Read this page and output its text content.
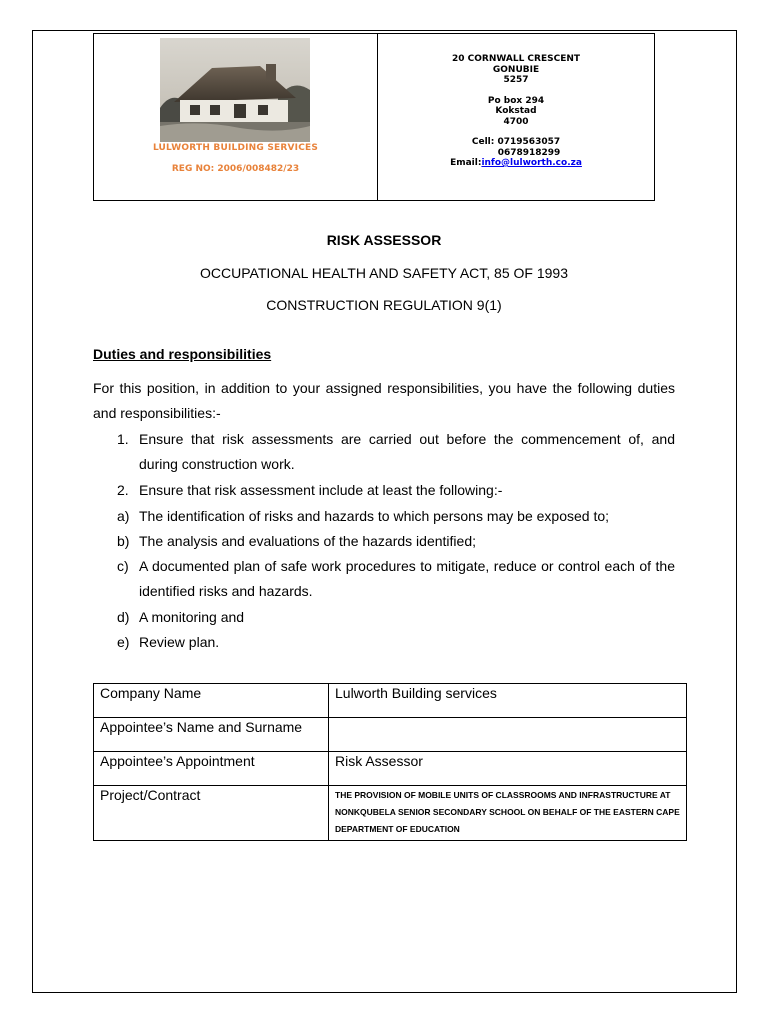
LULWORTH BUILDING SERVICES
REG NO: 2006/008482/23
20 CORNWALL CRESCENT
GONUBIE
5257
Po box 294
Kokstad
4700
Cell: 0719563057
0678918299
Email:info@lulworth.co.za
RISK ASSESSOR
OCCUPATIONAL HEALTH AND SAFETY ACT, 85 OF 1993
CONSTRUCTION REGULATION 9(1)
Duties and responsibilities
For this position, in addition to your assigned responsibilities, you have the following duties and responsibilities:-
1. Ensure that risk assessments are carried out before the commencement of, and during construction work.
2. Ensure that risk assessment include at least the following:-
a) The identification of risks and hazards to which persons may be exposed to;
b) The analysis and evaluations of the hazards identified;
c) A documented plan of safe work procedures to mitigate, reduce or control each of the identified risks and hazards.
d) A monitoring and
e) Review plan.
Company Name	Lulworth Building services
Appointee’s Name and Surname	
Appointee’s Appointment	Risk Assessor
Project/Contract	THE PROVISION OF MOBILE UNITS OF CLASSROOMS AND INFRASTRUCTURE AT NONKQUBELA SENIOR SECONDARY SCHOOL ON BEHALF OF THE EASTERN CAPE DEPARTMENT OF EDUCATION
